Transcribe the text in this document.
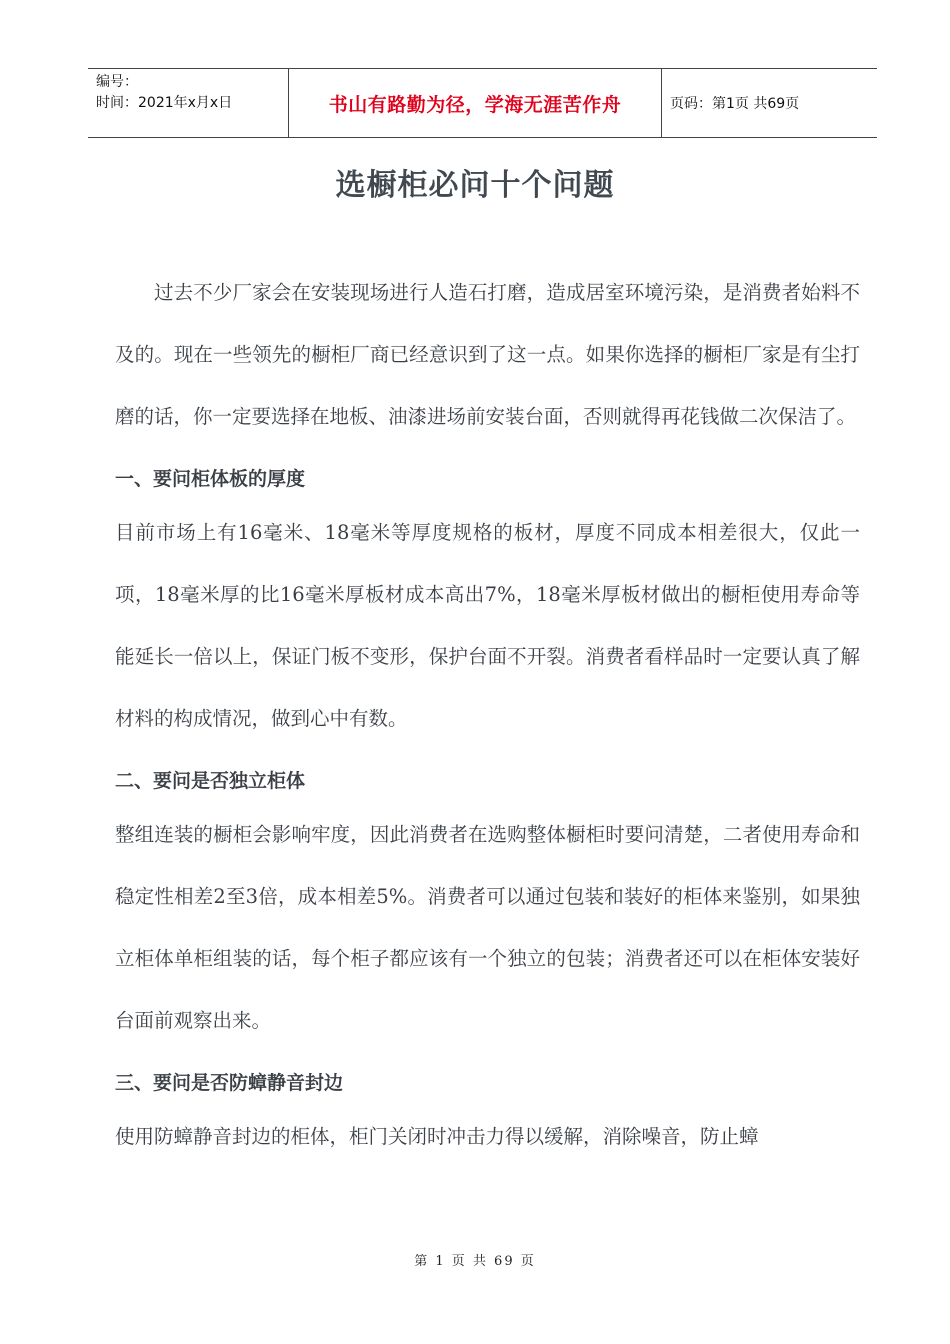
编号：
时间：2021年x月x日	书山有路勤为径，学海无涯苦作舟	页码：第1页 共69页
选橱柜必问十个问题

过去不少厂家会在安装现场进行人造石打磨，造成居室环境污染，是消费者始料不及的。现在一些领先的橱柜厂商已经意识到了这一点。如果你选择的橱柜厂家是有尘打磨的话，你一定要选择在地板、油漆进场前安装台面，否则就得再花钱做二次保洁了。

一、要问柜体板的厚度

目前市场上有16毫米、18毫米等厚度规格的板材，厚度不同成本相差很大，仅此一项，18毫米厚的比16毫米厚板材成本高出7%，18毫米厚板材做出的橱柜使用寿命等能延长一倍以上，保证门板不变形，保护台面不开裂。消费者看样品时一定要认真了解材料的构成情况，做到心中有数。

二、要问是否独立柜体

整组连装的橱柜会影响牢度，因此消费者在选购整体橱柜时要问清楚，二者使用寿命和稳定性相差2至3倍，成本相差5%。消费者可以通过包装和装好的柜体来鉴别，如果独立柜体单柜组装的话，每个柜子都应该有一个独立的包装；消费者还可以在柜体安装好台面前观察出来。

三、要问是否防蟑静音封边

使用防蟑静音封边的柜体，柜门关闭时冲击力得以缓解，消除噪音，防止蟑

第 1 页 共 69 页
